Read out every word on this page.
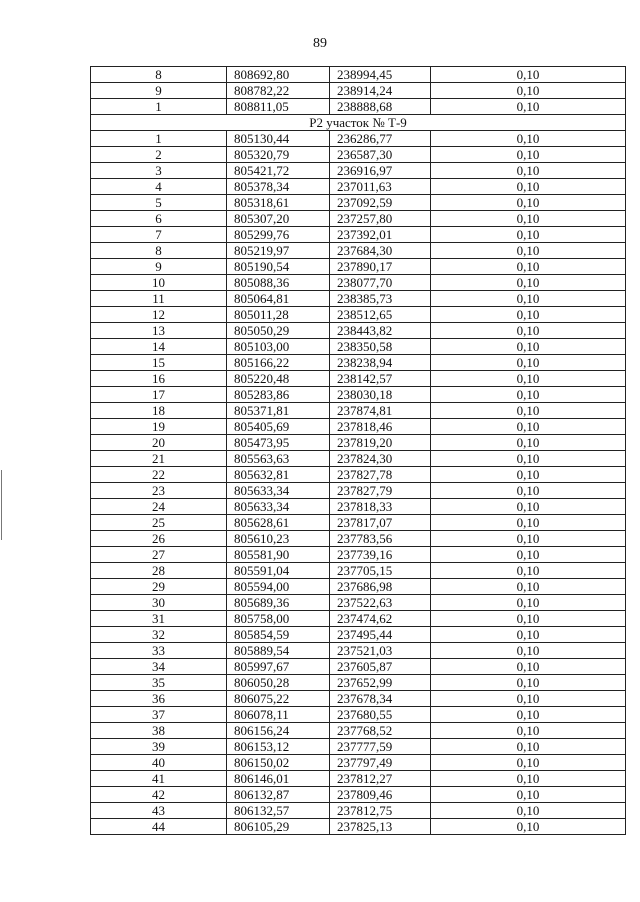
89
8	808692,80	238994,45	0,10
9	808782,22	238914,24	0,10
1	808811,05	238888,68	0,10
Р2 участок № Т-9			
1	805130,44	236286,77	0,10
2	805320,79	236587,30	0,10
3	805421,72	236916,97	0,10
4	805378,34	237011,63	0,10
5	805318,61	237092,59	0,10
6	805307,20	237257,80	0,10
7	805299,76	237392,01	0,10
8	805219,97	237684,30	0,10
9	805190,54	237890,17	0,10
10	805088,36	238077,70	0,10
11	805064,81	238385,73	0,10
12	805011,28	238512,65	0,10
13	805050,29	238443,82	0,10
14	805103,00	238350,58	0,10
15	805166,22	238238,94	0,10
16	805220,48	238142,57	0,10
17	805283,86	238030,18	0,10
18	805371,81	237874,81	0,10
19	805405,69	237818,46	0,10
20	805473,95	237819,20	0,10
21	805563,63	237824,30	0,10
22	805632,81	237827,78	0,10
23	805633,34	237827,79	0,10
24	805633,34	237818,33	0,10
25	805628,61	237817,07	0,10
26	805610,23	237783,56	0,10
27	805581,90	237739,16	0,10
28	805591,04	237705,15	0,10
29	805594,00	237686,98	0,10
30	805689,36	237522,63	0,10
31	805758,00	237474,62	0,10
32	805854,59	237495,44	0,10
33	805889,54	237521,03	0,10
34	805997,67	237605,87	0,10
35	806050,28	237652,99	0,10
36	806075,22	237678,34	0,10
37	806078,11	237680,55	0,10
38	806156,24	237768,52	0,10
39	806153,12	237777,59	0,10
40	806150,02	237797,49	0,10
41	806146,01	237812,27	0,10
42	806132,87	237809,46	0,10
43	806132,57	237812,75	0,10
44	806105,29	237825,13	0,10
